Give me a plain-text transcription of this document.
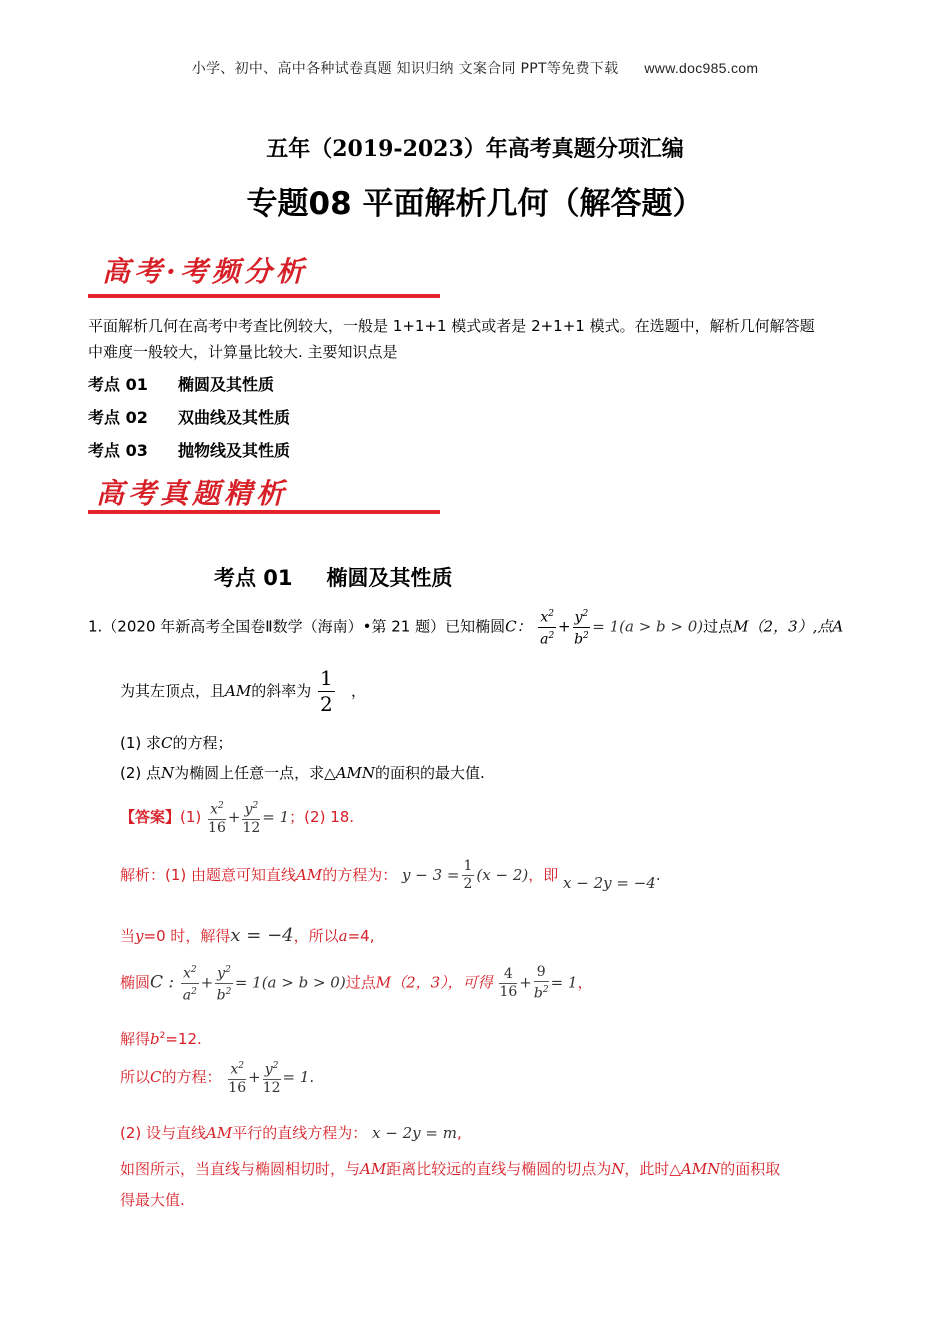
小学、初中、高中各种试卷真题 知识归纳 文案合同 PPT等免费下载 www.doc985.com
五年（2019-2023）年高考真题分项汇编
专题08 平面解析几何（解答题）
高考·考频分析
平面解析几何在高考中考查比例较大，一般是 1+1+1 模式或者是 2+1+1 模式。在选题中，解析几何解答题
中难度一般较大，计算量比较大. 主要知识点是
考点 01 椭圆及其性质
考点 02 双曲线及其性质
考点 03 抛物线及其性质
高考真题精析
考点 01 椭圆及其性质
1.（2020 年新高考全国卷Ⅱ数学（海南）•第 21 题）已知椭圆C： $\frac{x^2}{a^2} + \frac{y^2}{b^2} = 1(a > b > 0)$过点M（2，3）,点A
为其左顶点，且AM的斜率为 $\frac{1}{2}$ ，
(1) 求C的方程；
(2) 点N为椭圆上任意一点，求△AMN的面积的最大值.
【答案】$(1) \frac{x^2}{16} + \frac{y^2}{12} = 1$；(2) 18.
解析：(1) 由题意可知直线AM的方程为： $y - 3 = \frac{1}{2} (x - 2)$，即 x − 2y = −4.
当y=0 时，解得x = −4，所以a=4,
椭圆C : $\frac{x^2}{a^2} + \frac{y^2}{b^2} = 1(a > b > 0)$过点M（2，3），可得 $\frac{4}{16} + \frac{9}{b^2} = 1$，
解得$b^2=12$.
所以C的方程： $\frac{x^2}{16} + \frac{y^2}{12} = 1$.
(2) 设与直线AM平行的直线方程为： x − 2y = m,
如图所示，当直线与椭圆相切时，与AM距离比较远的直线与椭圆的切点为N，此时△AMN的面积取
得最大值.
